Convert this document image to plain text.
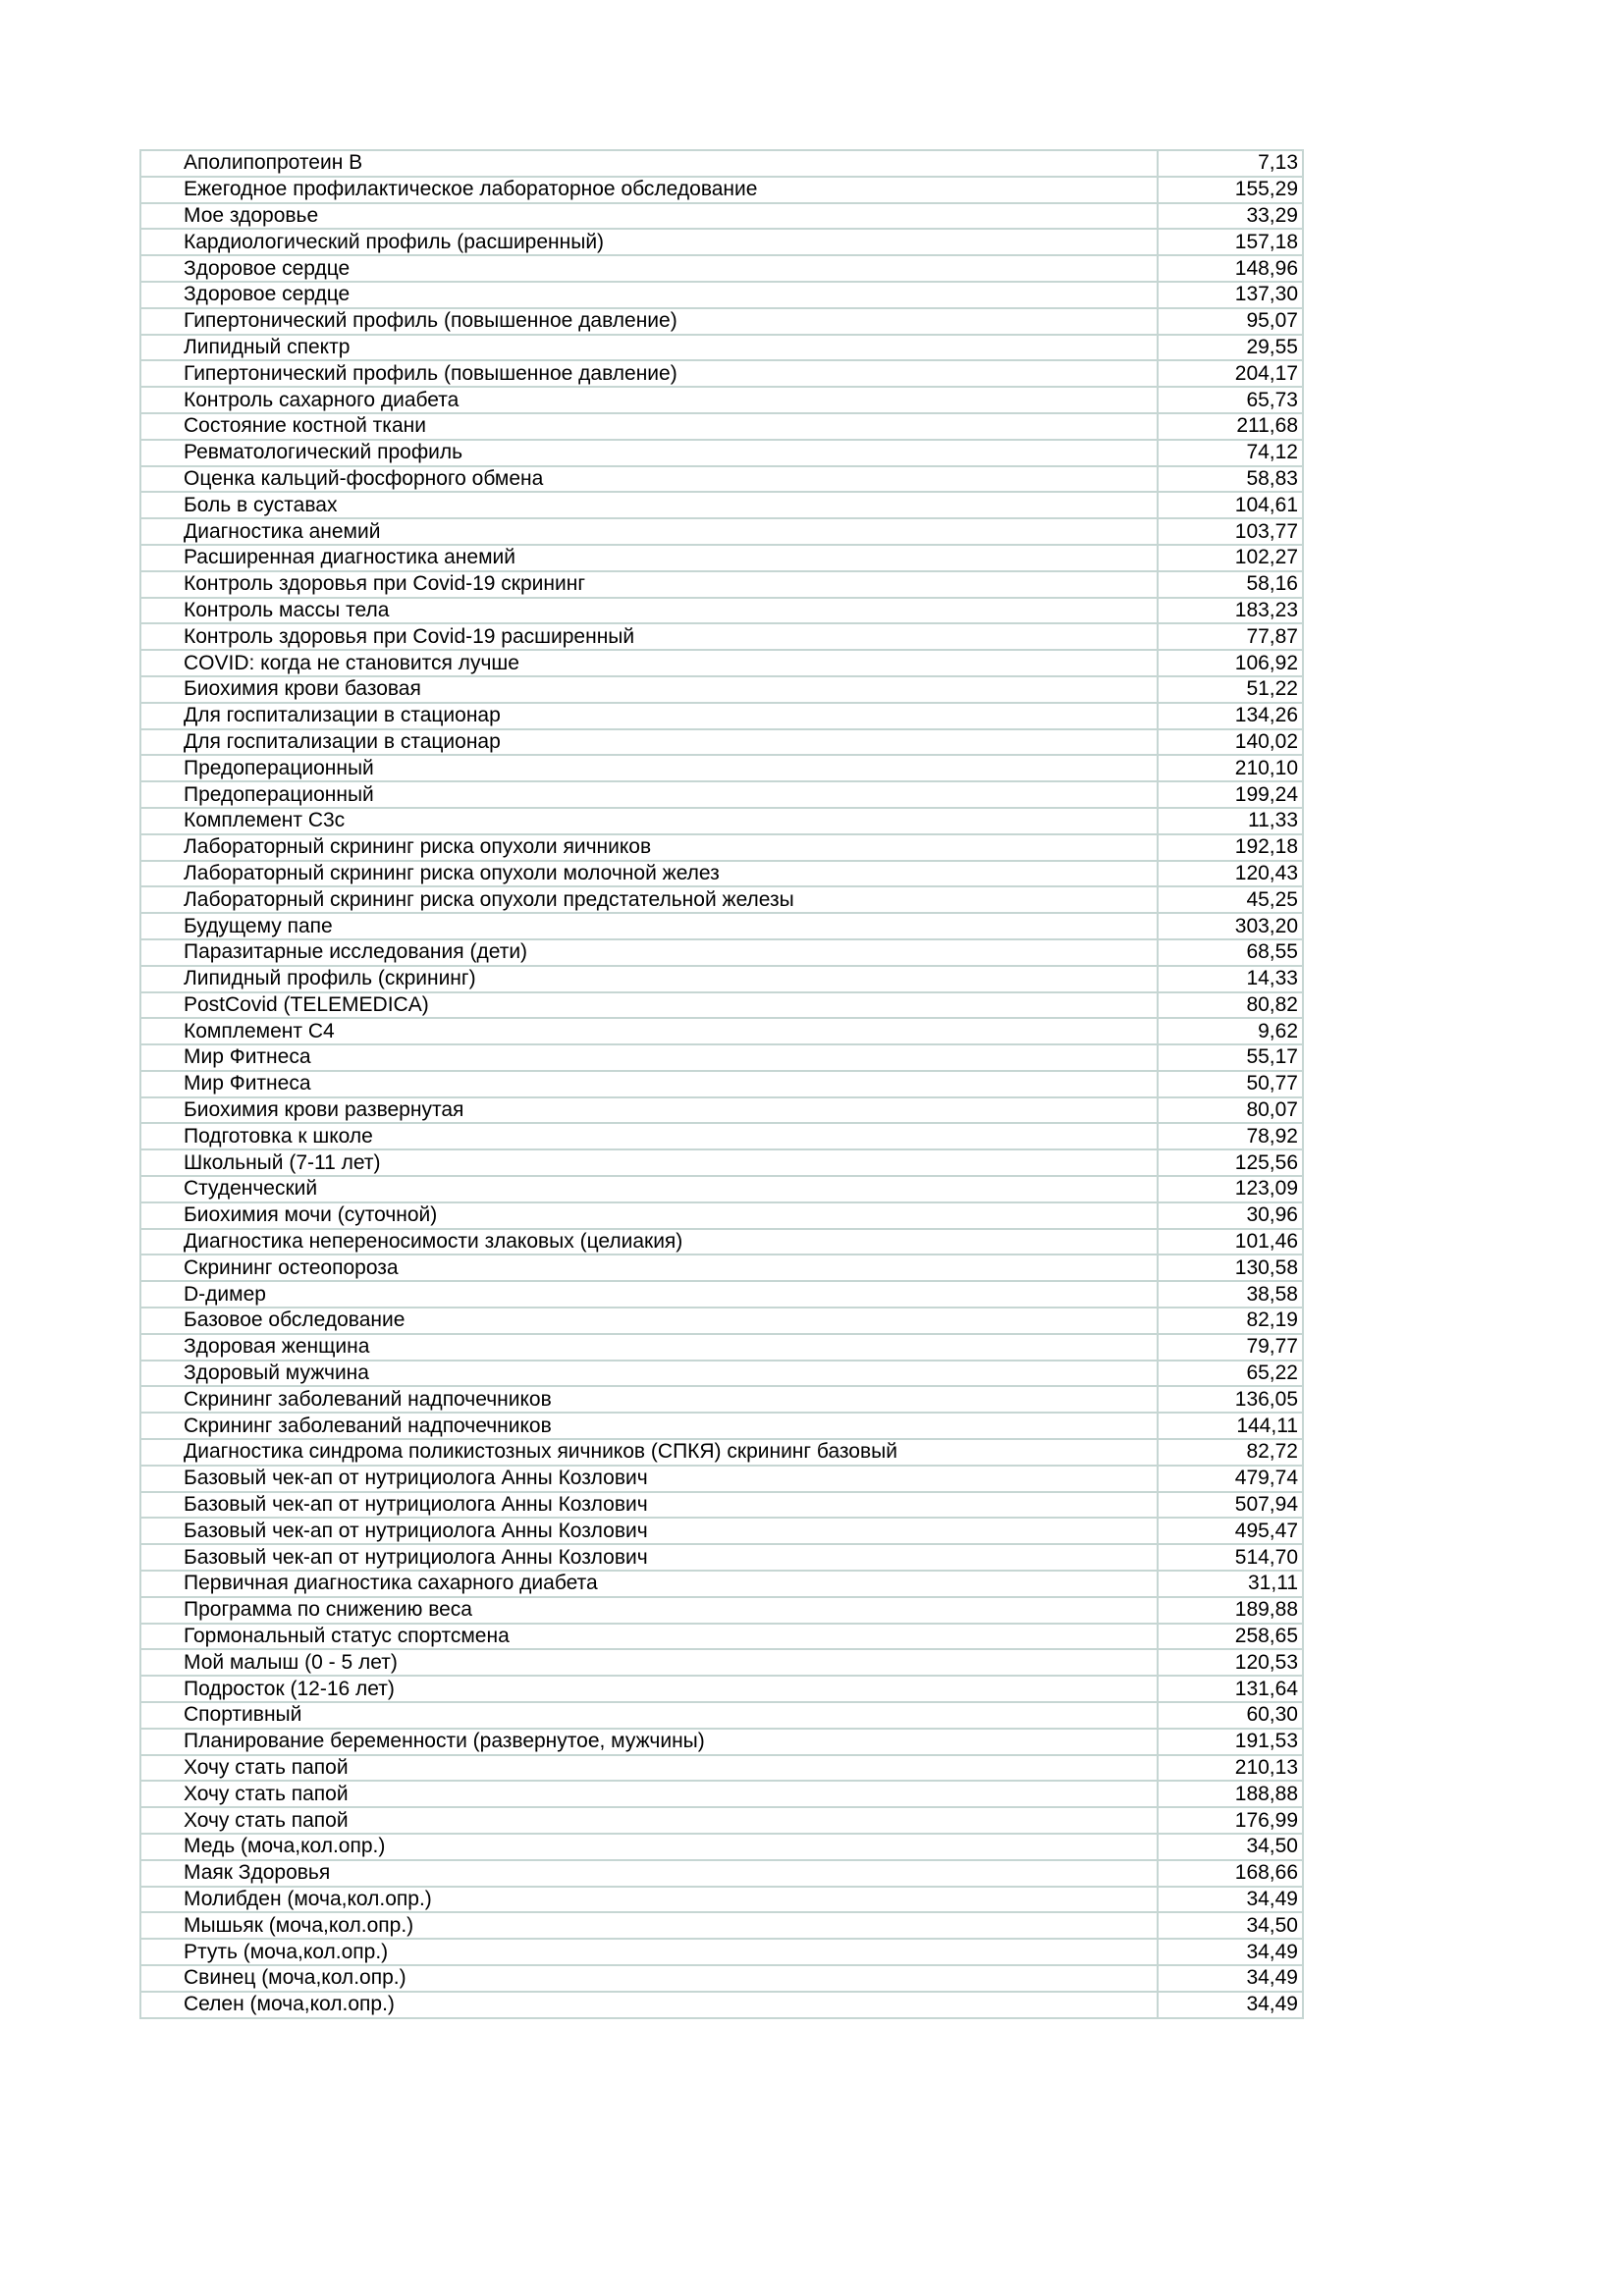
Аполипопротеин B	7,13
Ежегодное профилактическое лабораторное обследование	155,29
Мое здоровье	33,29
Кардиологический профиль (расширенный)	157,18
Здоровое сердце	148,96
Здоровое сердце	137,30
Гипертонический профиль (повышенное давление)	95,07
Липидный спектр	29,55
Гипертонический профиль (повышенное давление)	204,17
Контроль сахарного диабета	65,73
Состояние костной ткани	211,68
Ревматологический профиль	74,12
Оценка кальций-фосфорного обмена	58,83
Боль в суставах	104,61
Диагностика анемий	103,77
Расширенная диагностика анемий	102,27
Контроль здоровья при Covid-19 скрининг	58,16
Контроль массы тела	183,23
Контроль здоровья при Covid-19 расширенный	77,87
COVID: когда не становится лучше	106,92
Биохимия крови базовая	51,22
Для госпитализации в стационар	134,26
Для госпитализации в стационар	140,02
Предоперационный	210,10
Предоперационный	199,24
Комплемент С3с	11,33
Лабораторный скрининг риска опухоли яичников	192,18
Лабораторный скрининг риска опухоли молочной желез	120,43
Лабораторный скрининг риска опухоли предстательной железы	45,25
Будущему папе	303,20
Паразитарные исследования (дети)	68,55
Липидный профиль (скрининг)	14,33
PostCovid (TELEMEDICA)	80,82
Комплемент С4	9,62
Мир Фитнеса	55,17
Мир Фитнеса	50,77
Биохимия крови развернутая	80,07
Подготовка к школе	78,92
Школьный (7-11 лет)	125,56
Студенческий	123,09
Биохимия мочи (суточной)	30,96
Диагностика непереносимости злаковых (целиакия)	101,46
Скрининг остеопороза	130,58
D-димер	38,58
Базовое обследование	82,19
Здоровая женщина	79,77
Здоровый мужчина	65,22
Скрининг заболеваний надпочечников	136,05
Скрининг заболеваний надпочечников	144,11
Диагностика синдрома поликистозных яичников (СПКЯ) скрининг базовый	82,72
Базовый чек-ап от нутрициолога Анны Козлович	479,74
Базовый чек-ап от нутрициолога Анны Козлович	507,94
Базовый чек-ап от нутрициолога Анны Козлович	495,47
Базовый чек-ап от нутрициолога Анны Козлович	514,70
Первичная диагностика сахарного диабета	31,11
Программа по снижению веса	189,88
Гормональный статус спортсмена	258,65
Мой малыш (0 - 5 лет)	120,53
Подросток (12-16 лет)	131,64
Спортивный	60,30
Планирование беременности (развернутое, мужчины)	191,53
Хочу стать папой	210,13
Хочу стать папой	188,88
Хочу стать папой	176,99
Медь (моча,кол.опр.)	34,50
Маяк Здоровья	168,66
Молибден (моча,кол.опр.)	34,49
Мышьяк (моча,кол.опр.)	34,50
Ртуть (моча,кол.опр.)	34,49
Свинец (моча,кол.опр.)	34,49
Селен (моча,кол.опр.)	34,49
